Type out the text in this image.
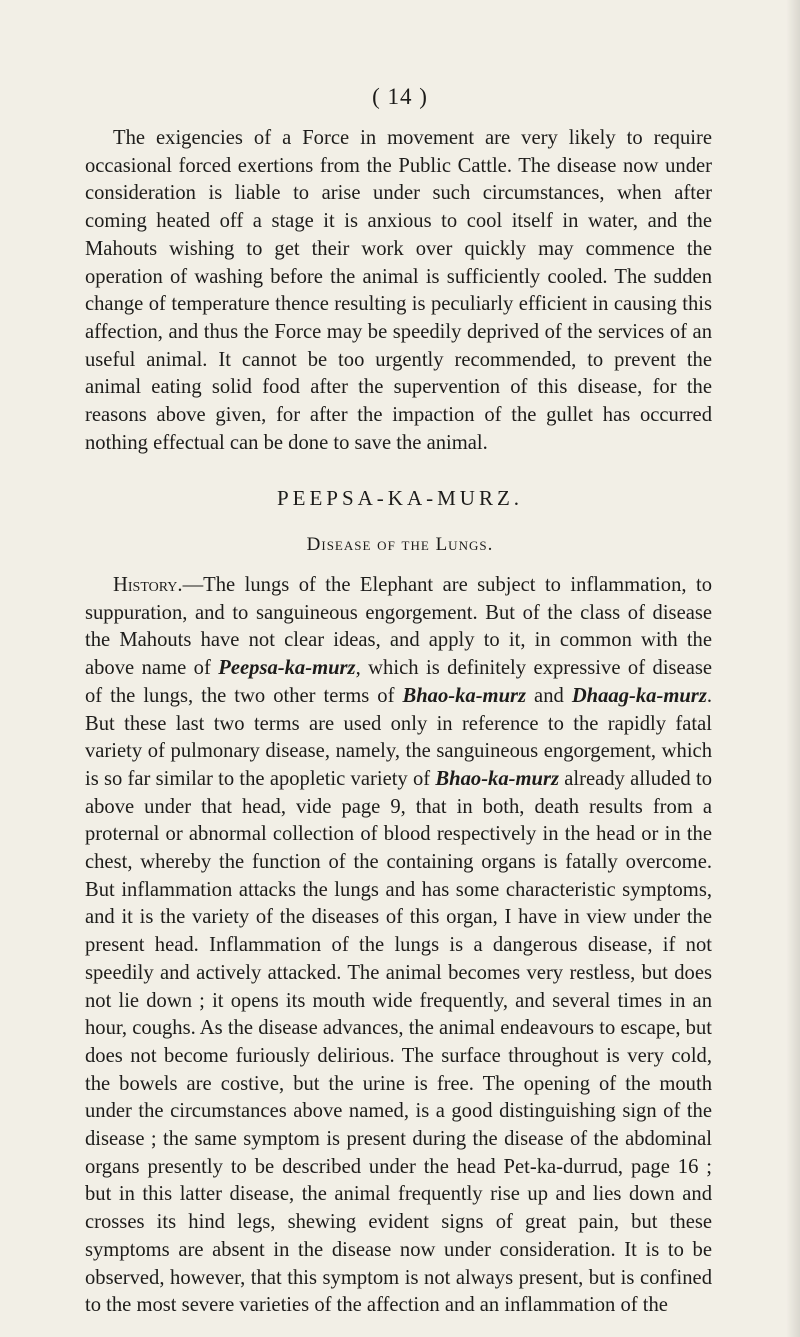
( 14 )

The exigencies of a Force in movement are very likely to require occasional forced exertions from the Public Cattle. The disease now under consideration is liable to arise under such circumstances, when after coming heated off a stage it is anxious to cool itself in water, and the Mahouts wishing to get their work over quickly may commence the operation of washing before the animal is sufficiently cooled. The sudden change of temperature thence resulting is peculiarly efficient in causing this affection, and thus the Force may be speedily deprived of the services of an useful animal. It cannot be too urgently recommended, to prevent the animal eating solid food after the supervention of this disease, for the reasons above given, for after the impaction of the gullet has occurred nothing effectual can be done to save the animal.

PEEPSA-KA-MURZ.
Disease of the Lungs.

History.—The lungs of the Elephant are subject to inflammation, to suppuration, and to sanguineous engorgement. But of the class of disease the Mahouts have not clear ideas, and apply to it, in common with the above name of Peepsa-ka-murz, which is definitely expressive of disease of the lungs, the two other terms of Bhao-ka-murz and Dhaag-ka-murz. But these last two terms are used only in reference to the rapidly fatal variety of pulmonary disease, namely, the sanguineous engorgement, which is so far similar to the apopletic variety of Bhao-ka-murz already alluded to above under that head, vide page 9, that in both, death results from a proternal or abnormal collection of blood respectively in the head or in the chest, whereby the function of the containing organs is fatally overcome. But inflammation attacks the lungs and has some characteristic symptoms, and it is the variety of the diseases of this organ, I have in view under the present head. Inflammation of the lungs is a dangerous disease, if not speedily and actively attacked. The animal becomes very restless, but does not lie down ; it opens its mouth wide frequently, and several times in an hour, coughs. As the disease advances, the animal endeavours to escape, but does not become furiously delirious. The surface throughout is very cold, the bowels are costive, but the urine is free. The opening of the mouth under the circumstances above named, is a good distinguishing sign of the disease ; the same symptom is present during the disease of the abdominal organs presently to be described under the head Pet-ka-durrud, page 16 ; but in this latter disease, the animal frequently rise up and lies down and crosses its hind legs, shewing evident signs of great pain, but these symptoms are absent in the disease now under consideration. It is to be observed, however, that this symptom is not always present, but is confined to the most severe varieties of the affection and an inflammation of the
